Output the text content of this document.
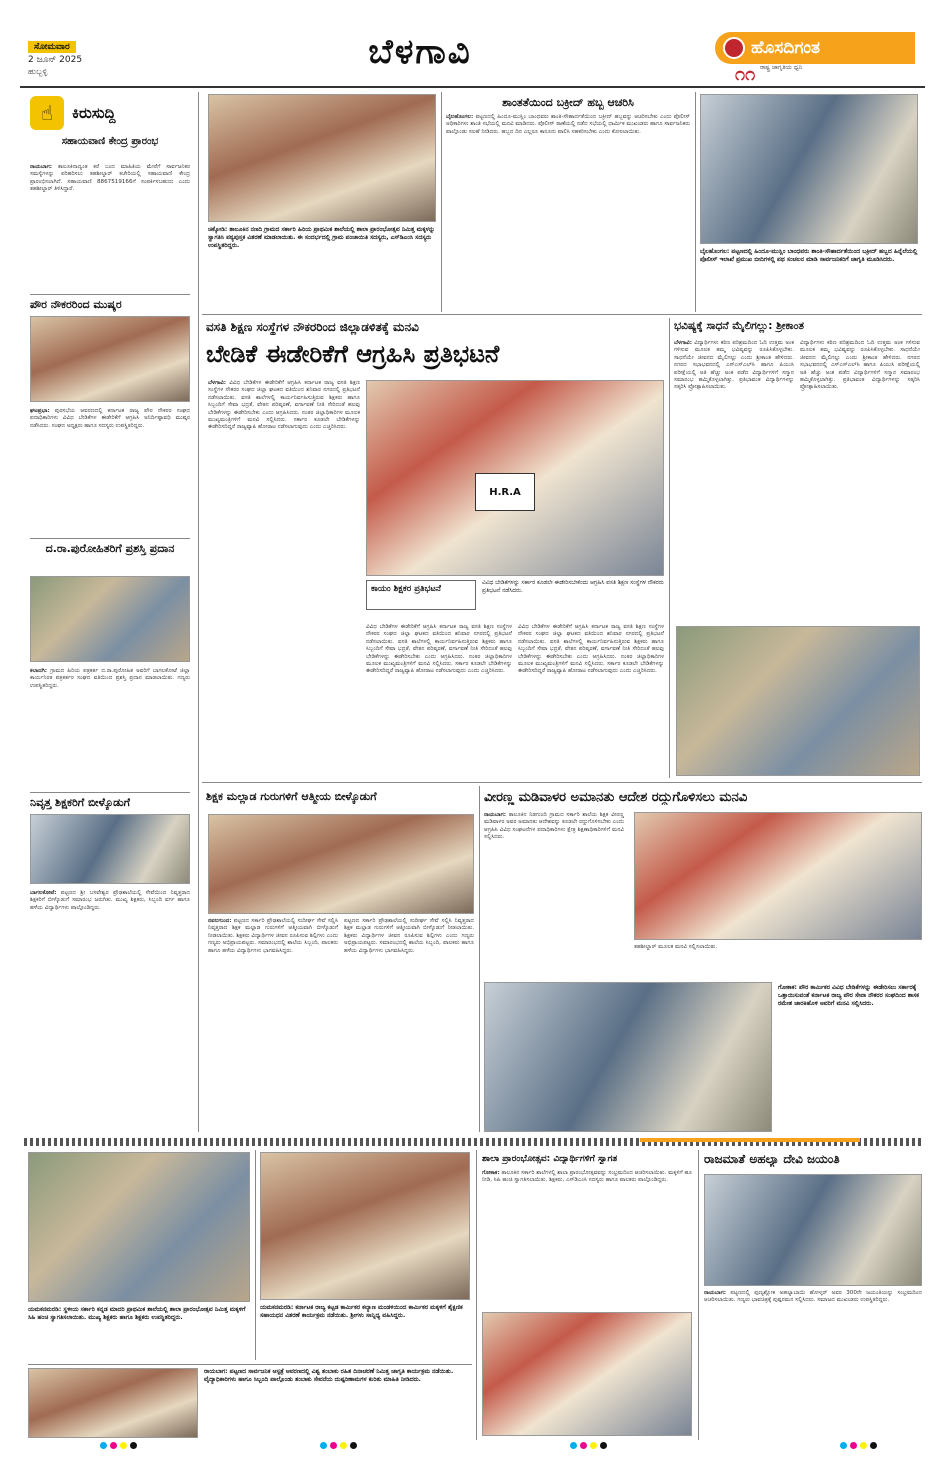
ಸೋಮವಾರ
2 ಜೂನ್ 2025
ಹುಬ್ಬಳ್ಳಿ	ಬೆಳಗಾವಿ	ಹೊಸದಿಗಂತ
೧೧ ರಾಷ್ಟ್ರ ಜಾಗೃತಿಯ ಧ್ವನಿ
☝	ಕಿರುಸುದ್ದಿ
ಸಹಾಯವಾಣಿ ಕೇಂದ್ರ ಪ್ರಾರಂಭ
ರಾಯಬಾಗ: ತಾಲೂಕಿನಾದ್ಯಂತ ಕರೆ ಬಂದ ಮಾಹಿತಿಯ ಮೇರೆಗೆ ಸಾರ್ವಜನಿಕರ ಸಮಸ್ಯೆಗಳನ್ನು ಪರಿಹರಿಸಲು ತಹಶೀಲ್ದಾರ್ ಕಚೇರಿಯಲ್ಲಿ ಸಹಾಯವಾಣಿ ಕೇಂದ್ರ ಪ್ರಾರಂಭಿಸಲಾಗಿದೆ. ಸಹಾಯವಾಣಿ 8867519166ಗೆ ಸಂಪರ್ಕಿಸಬಹುದು ಎಂದು ತಹಶೀಲ್ದಾರ್ ತಿಳಿಸಿದ್ದಾರೆ.
ಪೌರ ನೌಕರರಿಂದ ಮುಷ್ಕರ
ಘಟಪ್ರಭಾ: ಪುರಸಭೆಯ ಆವರಣದಲ್ಲಿ ಕರ್ನಾಟಕ ರಾಜ್ಯ ಪೌರ ನೌಕರರ ಸಂಘದ ಪದಾಧಿಕಾರಿಗಳು ವಿವಿಧ ಬೇಡಿಕೆಗಳ ಈಡೇರಿಕೆಗೆ ಆಗ್ರಹಿಸಿ ಅನಿರ್ದಿಷ್ಟಾವಧಿ ಮುಷ್ಕರ ನಡೆಸಿದರು. ಸಂಘದ ಅಧ್ಯಕ್ಷರು ಹಾಗೂ ಸದಸ್ಯರು ಉಪಸ್ಥಿತರಿದ್ದರು.
ದ.ರಾ.ಪುರೋಹಿತರಿಗೆ ಪ್ರಶಸ್ತಿ ಪ್ರದಾನ
ಕಲಾದಗಿ: ಗ್ರಾಮದ ಹಿರಿಯ ಪತ್ರಕರ್ತ ದ.ರಾ.ಪುರೋಹಿತ ಅವರಿಗೆ ಬಾಗಲಕೋಟೆ ಜಿಲ್ಲಾ ಕಾರ್ಯನಿರತ ಪತ್ರಕರ್ತರ ಸಂಘದ ವತಿಯಿಂದ ಪ್ರಶಸ್ತಿ ಪ್ರದಾನ ಮಾಡಲಾಯಿತು. ಗಣ್ಯರು ಉಪಸ್ಥಿತರಿದ್ದರು.
ನಿವೃತ್ತ ಶಿಕ್ಷಕರಿಗೆ ಬೀಳ್ಕೊಡುಗೆ
ಬಾಗಲಕೋಟೆ: ಪಟ್ಟಣದ ಶ್ರೀ ಬಸವೇಶ್ವರ ಪ್ರೌಢಶಾಲೆಯಲ್ಲಿ ಸೇವೆಯಿಂದ ನಿವೃತ್ತರಾದ ಶಿಕ್ಷಕರಿಗೆ ಬೀಳ್ಕೊಡುಗೆ ಸಮಾರಂಭ ಜರುಗಿತು. ಮುಖ್ಯ ಶಿಕ್ಷಕರು, ಸಿಬ್ಬಂದಿ ವರ್ಗ ಹಾಗೂ ಹಳೆಯ ವಿದ್ಯಾರ್ಥಿಗಳು ಪಾಲ್ಗೊಂಡಿದ್ದರು.
ಚಿಕ್ಕೋಡಿ: ತಾಲೂಕಿನ ನಣದಿ ಗ್ರಾಮದ ಸರ್ಕಾರಿ ಹಿರಿಯ ಪ್ರಾಥಮಿಕ ಶಾಲೆಯಲ್ಲಿ ಶಾಲಾ ಪ್ರಾರಂಭೋತ್ಸವ ನಿಮಿತ್ತ ಮಕ್ಕಳನ್ನು ಸ್ವಾಗತಿಸಿ ಪಠ್ಯಪುಸ್ತಕ ವಿತರಣೆ ಮಾಡಲಾಯಿತು. ಈ ಸಂದರ್ಭದಲ್ಲಿ ಗ್ರಾಮ ಪಂಚಾಯಿತಿ ಸದಸ್ಯರು, ಎಸ್‌ಡಿಎಂಸಿ ಸದಸ್ಯರು ಉಪಸ್ಥಿತರಿದ್ದರು.
ಶಾಂತತೆಯಿಂದ ಬಕ್ರೀದ್ ಹಬ್ಬ ಆಚರಿಸಿ
ಬೈಲಹೊಂಗಲ: ಪಟ್ಟಣದಲ್ಲಿ ಹಿಂದೂ-ಮುಸ್ಲಿಂ ಬಾಂಧವರು ಶಾಂತಿ-ಸೌಹಾರ್ದತೆಯಿಂದ ಬಕ್ರೀದ್ ಹಬ್ಬವನ್ನು ಆಚರಿಸಬೇಕು ಎಂದು ಪೊಲೀಸ್ ಅಧಿಕಾರಿಗಳು ಶಾಂತಿ ಸಭೆಯಲ್ಲಿ ಮನವಿ ಮಾಡಿದರು. ಪೊಲೀಸ್ ಠಾಣೆಯಲ್ಲಿ ನಡೆದ ಸಭೆಯಲ್ಲಿ ಧಾರ್ಮಿಕ ಮುಖಂಡರು ಹಾಗೂ ಸಾರ್ವಜನಿಕರು ಪಾಲ್ಗೊಂಡು ಸಲಹೆ ನೀಡಿದರು. ಹಬ್ಬದ ದಿನ ಎಲ್ಲರೂ ಕಾನೂನು ಪಾಲಿಸಿ ಸಹಕರಿಸಬೇಕು ಎಂದು ಕೋರಲಾಯಿತು.
ಬೈಲಹೊಂಗಲ: ಪಟ್ಟಣದಲ್ಲಿ ಹಿಂದೂ-ಮುಸ್ಲಿಂ ಬಾಂಧವರು ಶಾಂತಿ-ಸೌಹಾರ್ದತೆಯಿಂದ ಬಕ್ರೀದ್ ಹಬ್ಬದ ಹಿನ್ನೆಲೆಯಲ್ಲಿ ಪೊಲೀಸ್ ಇಲಾಖೆ ಪ್ರಮುಖ ಬೀದಿಗಳಲ್ಲಿ ಪಥ ಸಂಚಲನ ಮಾಡಿ ಸಾರ್ವಜನಿಕರಿಗೆ ಜಾಗೃತಿ ಮೂಡಿಸಿದರು.
ವಸತಿ ಶಿಕ್ಷಣ ಸಂಸ್ಥೆಗಳ ನೌಕರರಿಂದ ಜಿಲ್ಲಾಡಳಿತಕ್ಕೆ ಮನವಿ
ಬೇಡಿಕೆ ಈಡೇರಿಕೆಗೆ ಆಗ್ರಹಿಸಿ ಪ್ರತಿಭಟನೆ
ಬೆಳಗಾವಿ: ವಿವಿಧ ಬೇಡಿಕೆಗಳ ಈಡೇರಿಕೆಗೆ ಆಗ್ರಹಿಸಿ ಕರ್ನಾಟಕ ರಾಜ್ಯ ವಸತಿ ಶಿಕ್ಷಣ ಸಂಸ್ಥೆಗಳ ನೌಕರರ ಸಂಘದ ಜಿಲ್ಲಾ ಘಟಕದ ವತಿಯಿಂದ ಶನಿವಾರ ನಗರದಲ್ಲಿ ಪ್ರತಿಭಟನೆ ನಡೆಸಲಾಯಿತು. ವಸತಿ ಶಾಲೆಗಳಲ್ಲಿ ಕಾರ್ಯನಿರ್ವಹಿಸುತ್ತಿರುವ ಶಿಕ್ಷಕರು ಹಾಗೂ ಸಿಬ್ಬಂದಿಗೆ ಸೇವಾ ಭದ್ರತೆ, ವೇತನ ಪರಿಷ್ಕರಣೆ, ವರ್ಗಾವಣೆ ನೀತಿ ಸೇರಿದಂತೆ ಹಲವು ಬೇಡಿಕೆಗಳನ್ನು ಈಡೇರಿಸಬೇಕು ಎಂದು ಆಗ್ರಹಿಸಿದರು. ನಂತರ ಜಿಲ್ಲಾಧಿಕಾರಿಗಳ ಮೂಲಕ ಮುಖ್ಯಮಂತ್ರಿಗಳಿಗೆ ಮನವಿ ಸಲ್ಲಿಸಿದರು. ಸರ್ಕಾರ ಕೂಡಲೇ ಬೇಡಿಕೆಗಳನ್ನು ಈಡೇರಿಸದಿದ್ದರೆ ರಾಜ್ಯವ್ಯಾಪಿ ಹೋರಾಟ ನಡೆಸಲಾಗುವುದು ಎಂದು ಎಚ್ಚರಿಸಿದರು.
H.R.A
ಕಾಯಂ ಶಿಕ್ಷಕರ ಪ್ರತಿಭಟನೆ
ವಿವಿಧ ಬೇಡಿಕೆಗಳನ್ನು ಸರ್ಕಾರ ಕೂಡಲೇ ಈಡೇರಿಸಬೇಕೆಂದು ಆಗ್ರಹಿಸಿ ವಸತಿ ಶಿಕ್ಷಣ ಸಂಸ್ಥೆಗಳ ನೌಕರರು ಪ್ರತಿಭಟನೆ ನಡೆಸಿದರು.
ವಿವಿಧ ಬೇಡಿಕೆಗಳ ಈಡೇರಿಕೆಗೆ ಆಗ್ರಹಿಸಿ ಕರ್ನಾಟಕ ರಾಜ್ಯ ವಸತಿ ಶಿಕ್ಷಣ ಸಂಸ್ಥೆಗಳ ನೌಕರರ ಸಂಘದ ಜಿಲ್ಲಾ ಘಟಕದ ವತಿಯಿಂದ ಶನಿವಾರ ನಗರದಲ್ಲಿ ಪ್ರತಿಭಟನೆ ನಡೆಸಲಾಯಿತು. ವಸತಿ ಶಾಲೆಗಳಲ್ಲಿ ಕಾರ್ಯನಿರ್ವಹಿಸುತ್ತಿರುವ ಶಿಕ್ಷಕರು ಹಾಗೂ ಸಿಬ್ಬಂದಿಗೆ ಸೇವಾ ಭದ್ರತೆ, ವೇತನ ಪರಿಷ್ಕರಣೆ, ವರ್ಗಾವಣೆ ನೀತಿ ಸೇರಿದಂತೆ ಹಲವು ಬೇಡಿಕೆಗಳನ್ನು ಈಡೇರಿಸಬೇಕು ಎಂದು ಆಗ್ರಹಿಸಿದರು. ನಂತರ ಜಿಲ್ಲಾಧಿಕಾರಿಗಳ ಮೂಲಕ ಮುಖ್ಯಮಂತ್ರಿಗಳಿಗೆ ಮನವಿ ಸಲ್ಲಿಸಿದರು. ಸರ್ಕಾರ ಕೂಡಲೇ ಬೇಡಿಕೆಗಳನ್ನು ಈಡೇರಿಸದಿದ್ದರೆ ರಾಜ್ಯವ್ಯಾಪಿ ಹೋರಾಟ ನಡೆಸಲಾಗುವುದು ಎಂದು ಎಚ್ಚರಿಸಿದರು.
ವಿವಿಧ ಬೇಡಿಕೆಗಳ ಈಡೇರಿಕೆಗೆ ಆಗ್ರಹಿಸಿ ಕರ್ನಾಟಕ ರಾಜ್ಯ ವಸತಿ ಶಿಕ್ಷಣ ಸಂಸ್ಥೆಗಳ ನೌಕರರ ಸಂಘದ ಜಿಲ್ಲಾ ಘಟಕದ ವತಿಯಿಂದ ಶನಿವಾರ ನಗರದಲ್ಲಿ ಪ್ರತಿಭಟನೆ ನಡೆಸಲಾಯಿತು. ವಸತಿ ಶಾಲೆಗಳಲ್ಲಿ ಕಾರ್ಯನಿರ್ವಹಿಸುತ್ತಿರುವ ಶಿಕ್ಷಕರು ಹಾಗೂ ಸಿಬ್ಬಂದಿಗೆ ಸೇವಾ ಭದ್ರತೆ, ವೇತನ ಪರಿಷ್ಕರಣೆ, ವರ್ಗಾವಣೆ ನೀತಿ ಸೇರಿದಂತೆ ಹಲವು ಬೇಡಿಕೆಗಳನ್ನು ಈಡೇರಿಸಬೇಕು ಎಂದು ಆಗ್ರಹಿಸಿದರು. ನಂತರ ಜಿಲ್ಲಾಧಿಕಾರಿಗಳ ಮೂಲಕ ಮುಖ್ಯಮಂತ್ರಿಗಳಿಗೆ ಮನವಿ ಸಲ್ಲಿಸಿದರು. ಸರ್ಕಾರ ಕೂಡಲೇ ಬೇಡಿಕೆಗಳನ್ನು ಈಡೇರಿಸದಿದ್ದರೆ ರಾಜ್ಯವ್ಯಾಪಿ ಹೋರಾಟ ನಡೆಸಲಾಗುವುದು ಎಂದು ಎಚ್ಚರಿಸಿದರು.
ಭವಿಷ್ಯಕ್ಕೆ ಸಾಧನೆ ಮೈಲಿಗಲ್ಲು: ಶ್ರೀಕಾಂತ
ಬೆಳಗಾವಿ: ವಿದ್ಯಾರ್ಥಿಗಳು ಕಠಿಣ ಪರಿಶ್ರಮದಿಂದ ಓದಿ ಉತ್ತಮ ಅಂಕ ಗಳಿಸುವ ಮೂಲಕ ತಮ್ಮ ಭವಿಷ್ಯವನ್ನು ರೂಪಿಸಿಕೊಳ್ಳಬೇಕು. ಸಾಧನೆಯೇ ಜೀವನದ ಮೈಲಿಗಲ್ಲು ಎಂದು ಶ್ರೀಕಾಂತ ಹೇಳಿದರು. ನಗರದ ಸಭಾಭವನದಲ್ಲಿ ಎಸ್ಎಸ್ಎಲ್‌ಸಿ ಹಾಗೂ ಪಿಯುಸಿ ಪರೀಕ್ಷೆಯಲ್ಲಿ ಅತಿ ಹೆಚ್ಚು ಅಂಕ ಪಡೆದ ವಿದ್ಯಾರ್ಥಿಗಳಿಗೆ ಸನ್ಮಾನ ಸಮಾರಂಭ ಹಮ್ಮಿಕೊಳ್ಳಲಾಗಿತ್ತು. ಪ್ರತಿಭಾವಂತ ವಿದ್ಯಾರ್ಥಿಗಳನ್ನು ಸತ್ಕರಿಸಿ ಪ್ರೋತ್ಸಾಹಿಸಲಾಯಿತು.
ವಿದ್ಯಾರ್ಥಿಗಳು ಕಠಿಣ ಪರಿಶ್ರಮದಿಂದ ಓದಿ ಉತ್ತಮ ಅಂಕ ಗಳಿಸುವ ಮೂಲಕ ತಮ್ಮ ಭವಿಷ್ಯವನ್ನು ರೂಪಿಸಿಕೊಳ್ಳಬೇಕು. ಸಾಧನೆಯೇ ಜೀವನದ ಮೈಲಿಗಲ್ಲು ಎಂದು ಶ್ರೀಕಾಂತ ಹೇಳಿದರು. ನಗರದ ಸಭಾಭವನದಲ್ಲಿ ಎಸ್ಎಸ್ಎಲ್‌ಸಿ ಹಾಗೂ ಪಿಯುಸಿ ಪರೀಕ್ಷೆಯಲ್ಲಿ ಅತಿ ಹೆಚ್ಚು ಅಂಕ ಪಡೆದ ವಿದ್ಯಾರ್ಥಿಗಳಿಗೆ ಸನ್ಮಾನ ಸಮಾರಂಭ ಹಮ್ಮಿಕೊಳ್ಳಲಾಗಿತ್ತು. ಪ್ರತಿಭಾವಂತ ವಿದ್ಯಾರ್ಥಿಗಳನ್ನು ಸತ್ಕರಿಸಿ ಪ್ರೋತ್ಸಾಹಿಸಲಾಯಿತು.
ಶಿಕ್ಷಕ ಮಲ್ಲಾಡ ಗುರುಗಳಿಗೆ ಆತ್ಮೀಯ ಬೀಳ್ಕೊಡುಗೆ
ನವಲಗುಂದ: ಪಟ್ಟಣದ ಸರ್ಕಾರಿ ಪ್ರೌಢಶಾಲೆಯಲ್ಲಿ ಸುದೀರ್ಘ ಸೇವೆ ಸಲ್ಲಿಸಿ ನಿವೃತ್ತರಾದ ಶಿಕ್ಷಕ ಮಲ್ಲಾಡ ಗುರುಗಳಿಗೆ ಆತ್ಮೀಯವಾಗಿ ಬೀಳ್ಕೊಡುಗೆ ನೀಡಲಾಯಿತು. ಶಿಕ್ಷಕರು ವಿದ್ಯಾರ್ಥಿಗಳ ಜೀವನ ರೂಪಿಸುವ ಶಿಲ್ಪಿಗಳು ಎಂದು ಗಣ್ಯರು ಅಭಿಪ್ರಾಯಪಟ್ಟರು. ಸಮಾರಂಭದಲ್ಲಿ ಶಾಲೆಯ ಸಿಬ್ಬಂದಿ, ಪಾಲಕರು ಹಾಗೂ ಹಳೆಯ ವಿದ್ಯಾರ್ಥಿಗಳು ಭಾಗವಹಿಸಿದ್ದರು.
ಪಟ್ಟಣದ ಸರ್ಕಾರಿ ಪ್ರೌಢಶಾಲೆಯಲ್ಲಿ ಸುದೀರ್ಘ ಸೇವೆ ಸಲ್ಲಿಸಿ ನಿವೃತ್ತರಾದ ಶಿಕ್ಷಕ ಮಲ್ಲಾಡ ಗುರುಗಳಿಗೆ ಆತ್ಮೀಯವಾಗಿ ಬೀಳ್ಕೊಡುಗೆ ನೀಡಲಾಯಿತು. ಶಿಕ್ಷಕರು ವಿದ್ಯಾರ್ಥಿಗಳ ಜೀವನ ರೂಪಿಸುವ ಶಿಲ್ಪಿಗಳು ಎಂದು ಗಣ್ಯರು ಅಭಿಪ್ರಾಯಪಟ್ಟರು. ಸಮಾರಂಭದಲ್ಲಿ ಶಾಲೆಯ ಸಿಬ್ಬಂದಿ, ಪಾಲಕರು ಹಾಗೂ ಹಳೆಯ ವಿದ್ಯಾರ್ಥಿಗಳು ಭಾಗವಹಿಸಿದ್ದರು.
ವೀರಣ್ಣ ಮಡಿವಾಳರ ಅಮಾನತು ಆದೇಶ ರದ್ದುಗೊಳಿಸಲು ಮನವಿ
ರಾಯಬಾಗ: ತಾಲೂಕಿನ ನಿಡಗುಂದಿ ಗ್ರಾಮದ ಸರ್ಕಾರಿ ಶಾಲೆಯ ಶಿಕ್ಷಕ ವೀರಣ್ಣ ಮಡಿವಾಳರ ಅವರ ಅಮಾನತು ಆದೇಶವನ್ನು ಕೂಡಲೇ ರದ್ದುಗೊಳಿಸಬೇಕು ಎಂದು ಆಗ್ರಹಿಸಿ ವಿವಿಧ ಸಂಘಟನೆಗಳ ಪದಾಧಿಕಾರಿಗಳು ಕ್ಷೇತ್ರ ಶಿಕ್ಷಣಾಧಿಕಾರಿಗಳಿಗೆ ಮನವಿ ಸಲ್ಲಿಸಿದರು.
ತಹಶೀಲ್ದಾರ್ ಮೂಲಕ ಮನವಿ ಸಲ್ಲಿಸಲಾಯಿತು.
ಗೋಕಾಕ: ಪೌರ ಕಾರ್ಮಿಕರ ವಿವಿಧ ಬೇಡಿಕೆಗಳನ್ನು ಈಡೇರಿಸಲು ಸರ್ಕಾರಕ್ಕೆ ಒತ್ತಾಯಿಸುವಂತೆ ಕರ್ನಾಟಕ ರಾಜ್ಯ ಪೌರ ಸೇವಾ ನೌಕರರ ಸಂಘದಿಂದ ಶಾಸಕ ರಮೇಶ ಜಾರಕಿಹೊಳಿ ಅವರಿಗೆ ಮನವಿ ಸಲ್ಲಿಸಿದರು.
ಯಮಕನಮರಡಿ: ಸ್ಥಳೀಯ ಸರ್ಕಾರಿ ಕನ್ನಡ ಮಾದರಿ ಪ್ರಾಥಮಿಕ ಶಾಲೆಯಲ್ಲಿ ಶಾಲಾ ಪ್ರಾರಂಭೋತ್ಸವ ನಿಮಿತ್ತ ಮಕ್ಕಳಿಗೆ ಸಿಹಿ ಹಂಚಿ ಸ್ವಾಗತಿಸಲಾಯಿತು. ಮುಖ್ಯ ಶಿಕ್ಷಕರು ಹಾಗೂ ಶಿಕ್ಷಕರು ಉಪಸ್ಥಿತರಿದ್ದರು.
ಯಮಕನಮರಡಿ: ಕರ್ನಾಟಕ ರಾಜ್ಯ ಕಟ್ಟಡ ಕಾರ್ಮಿಕರ ಕಲ್ಯಾಣ ಮಂಡಳಿಯಿಂದ ಕಾರ್ಮಿಕರ ಮಕ್ಕಳಿಗೆ ಶೈಕ್ಷಣಿಕ ಸಹಾಯಧನ ವಿತರಣೆ ಕಾರ್ಯಕ್ರಮ ನಡೆಯಿತು. ಶ್ರೀಗಳು ಸಾನ್ನಿಧ್ಯ ವಹಿಸಿದ್ದರು.
ಶಾಲಾ ಪ್ರಾರಂಭೋತ್ಸವ: ವಿದ್ಯಾರ್ಥಿಗಳಿಗೆ ಸ್ವಾಗತ
ಗೋಕಾಕ: ತಾಲೂಕಿನ ಸರ್ಕಾರಿ ಶಾಲೆಗಳಲ್ಲಿ ಶಾಲಾ ಪ್ರಾರಂಭೋತ್ಸವವನ್ನು ಸಂಭ್ರಮದಿಂದ ಆಚರಿಸಲಾಯಿತು. ಮಕ್ಕಳಿಗೆ ಹೂ ನೀಡಿ, ಸಿಹಿ ಹಂಚಿ ಸ್ವಾಗತಿಸಲಾಯಿತು. ಶಿಕ್ಷಕರು, ಎಸ್‌ಡಿಎಂಸಿ ಸದಸ್ಯರು ಹಾಗೂ ಪಾಲಕರು ಪಾಲ್ಗೊಂಡಿದ್ದರು.
ರಾಜಮಾತೆ ಅಹಲ್ಯಾ ದೇವಿ ಜಯಂತಿ
ರಾಯಬಾಗ: ಪಟ್ಟಣದಲ್ಲಿ ಪುಣ್ಯಶ್ಲೋಕ ಅಹಲ್ಯಾಬಾಯಿ ಹೋಳ್ಕರ್ ಅವರ 300ನೇ ಜಯಂತಿಯನ್ನು ಸಂಭ್ರಮದಿಂದ ಆಚರಿಸಲಾಯಿತು. ಗಣ್ಯರು ಭಾವಚಿತ್ರಕ್ಕೆ ಪುಷ್ಪನಮನ ಸಲ್ಲಿಸಿದರು. ಸಮಾಜದ ಮುಖಂಡರು ಉಪಸ್ಥಿತರಿದ್ದರು.
ರಾಯಬಾಗ: ಪಟ್ಟಣದ ಸಾರ್ವಜನಿಕ ಆಸ್ಪತ್ರೆ ಆವರಣದಲ್ಲಿ ವಿಶ್ವ ತಂಬಾಕು ರಹಿತ ದಿನಾಚರಣೆ ನಿಮಿತ್ತ ಜಾಗೃತಿ ಕಾರ್ಯಕ್ರಮ ನಡೆಯಿತು. ವೈದ್ಯಾಧಿಕಾರಿಗಳು ಹಾಗೂ ಸಿಬ್ಬಂದಿ ಪಾಲ್ಗೊಂಡು ತಂಬಾಕು ಸೇವನೆಯ ದುಷ್ಪರಿಣಾಮಗಳ ಕುರಿತು ಮಾಹಿತಿ ನೀಡಿದರು.
